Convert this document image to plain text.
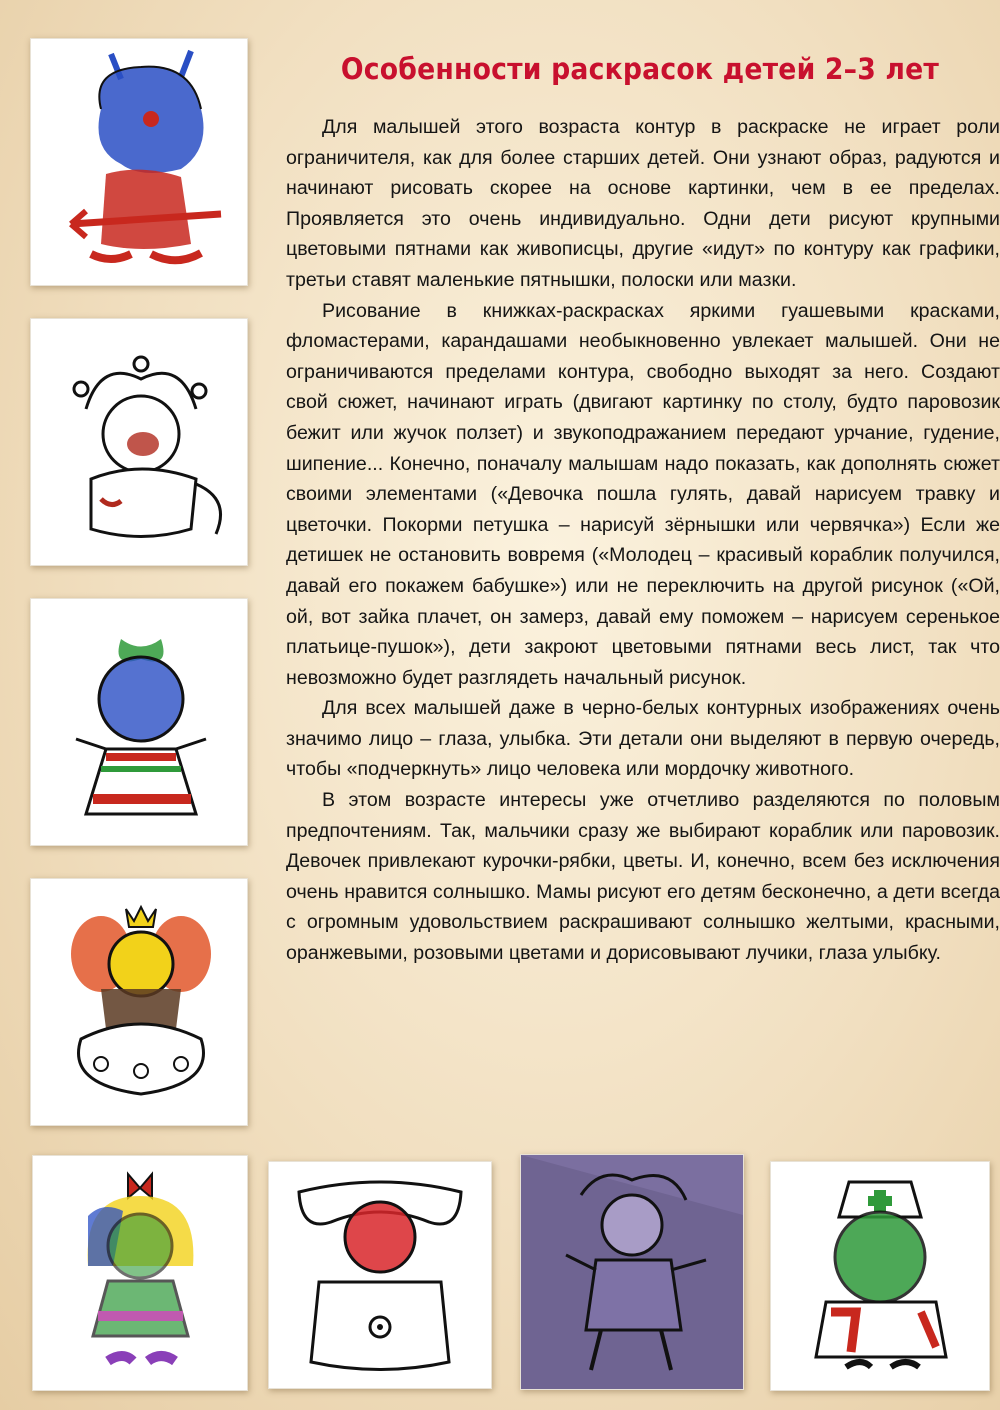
Особенности раскрасок детей 2–3 лет

Для малышей этого возраста контур в раскраске не играет роли ограничителя, как для более старших детей. Они узнают образ, радуются и начинают рисовать скорее на основе картинки, чем в ее пределах. Проявляется это очень индивидуально. Одни дети рисуют крупными цветовыми пятнами как живописцы, другие «идут» по контуру как графики, третьи ставят маленькие пятнышки, полоски или мазки.

Рисование в книжках-раскрасках яркими гуашевыми красками, фломастерами, карандашами необыкновенно увлекает малышей. Они не ограничиваются пределами контура, свободно выходят за него. Создают свой сюжет, начинают играть (двигают картинку по столу, будто паровозик бежит или жучок ползет) и звукоподражанием передают урчание, гудение, шипение... Конечно, поначалу малышам надо показать, как дополнять сюжет своими элементами («Девочка пошла гулять, давай нарисуем травку и цветочки. Покорми петушка – нарисуй зёрнышки или червячка») Если же детишек не остановить вовремя («Молодец – красивый кораблик получился, давай его покажем бабушке») или не переключить на другой рисунок («Ой, ой, вот зайка плачет, он замерз, давай ему поможем – нарисуем серенькое платьице-пушок»), дети закроют цветовыми пятнами весь лист, так что невозможно будет разглядеть начальный рисунок.

Для всех малышей даже в черно-белых контурных изображениях очень значимо лицо – глаза, улыбка. Эти детали они выделяют в первую очередь, чтобы «подчеркнуть» лицо человека или мордочку животного.

В этом возрасте интересы уже отчетливо разделяются по половым предпочтениям. Так, мальчики сразу же выбирают кораблик или паровозик. Девочек привлекают курочки-рябки, цветы. И, конечно, всем без исключения очень нравится солнышко. Мамы рисуют его детям бесконечно, а дети всегда с огромным удовольствием раскрашивают солнышко желтыми, красными, оранжевыми, розовыми цветами и дорисовывают лучики, глаза улыбку.
